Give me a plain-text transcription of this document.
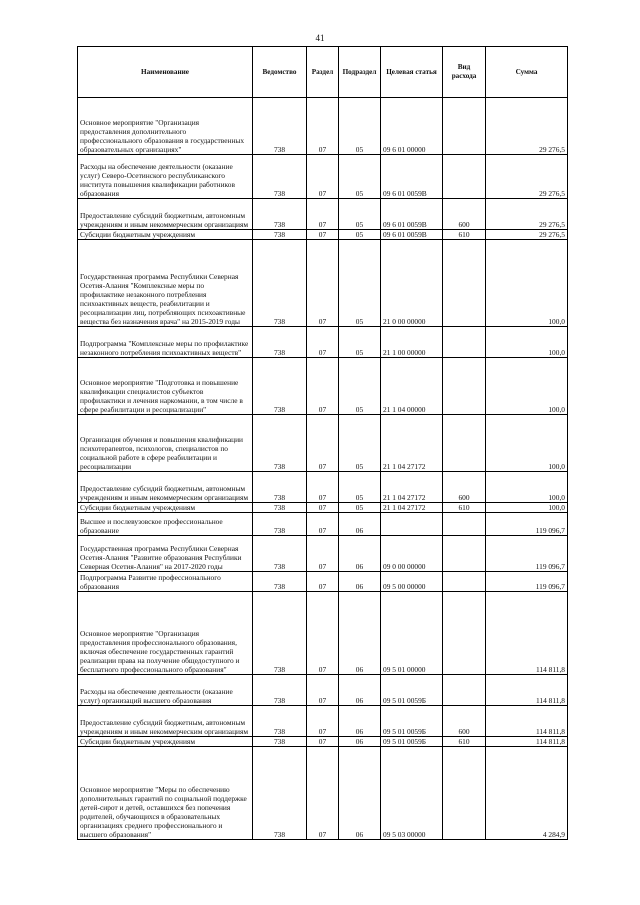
41
Наименование	Ведомство	Раздел	Подраздел	Целевая статья	Вид расхода	Сумма
Основное мероприятие "Организация предоставления дополнительного профессионального образования в государственных образовательных организациях"	738	07	05	09 6 01 00000		29 276,5
Расходы на обеспечение деятельности (оказание услуг) Северо-Осетинского республиканского института повышения квалификации работников образования	738	07	05	09 6 01 0059В		29 276,5
Предоставление субсидий бюджетным, автономным учреждениям и иным некоммерческим организациям	738	07	05	09 6 01 0059В	600	29 276,5
Субсидии бюджетным учреждениям	738	07	05	09 6 01 0059В	610	29 276,5
Государственная программа Республики Северная Осетия-Алания "Комплексные меры по профилактике незаконного потребления психоактивных веществ, реабилитации и ресоциализации лиц, потребляющих психоактивные вещества без назначения врача" на 2015-2019 годы	738	07	05	21 0 00 00000		100,0
Подпрограмма "Комплексные меры по профилактике незаконного потребления психоактивных веществ"	738	07	05	21 1 00 00000		100,0
Основное мероприятие "Подготовка и повышение квалификации специалистов субъектов профилактики и лечения наркомании, в том числе в сфере реабилитации и ресоциализации"	738	07	05	21 1 04 00000		100,0
Организация обучения и повышения квалификации психотерапевтов, психологов, специалистов по социальной работе в сфере реабилитации и ресоциализации	738	07	05	21 1 04 27172		100,0
Предоставление субсидий бюджетным, автономным учреждениям и иным некоммерческим организациям	738	07	05	21 1 04 27172	600	100,0
Субсидии бюджетным учреждениям	738	07	05	21 1 04 27172	610	100,0
Высшее и послевузовское профессиональное образование	738	07	06			119 096,7
Государственная программа Республики Северная Осетия-Алания "Развитие образования Республики Северная Осетия-Алания" на 2017-2020 годы	738	07	06	09 0 00 00000		119 096,7
Подпрограмма Развитие профессионального образования	738	07	06	09 5 00 00000		119 096,7
Основное мероприятие "Организация предоставления профессионального образования, включая обеспечение государственных гарантий реализации права на получение общедоступного и бесплатного профессионального образования"	738	07	06	09 5 01 00000		114 811,8
Расходы на обеспечение деятельности (оказание услуг) организаций высшего образования	738	07	06	09 5 01 0059Б		114 811,8
Предоставление субсидий бюджетным, автономным учреждениям и иным некоммерческим организациям	738	07	06	09 5 01 0059Б	600	114 811,8
Субсидии бюджетным учреждениям	738	07	06	09 5 01 0059Б	610	114 811,8
Основное мероприятие "Меры по обеспечению дополнительных гарантий по социальной поддержке детей-сирот и детей, оставшихся без попечения родителей, обучающихся в образовательных организациях среднего профессионального и высшего образования"	738	07	06	09 5 03 00000		4 284,9
